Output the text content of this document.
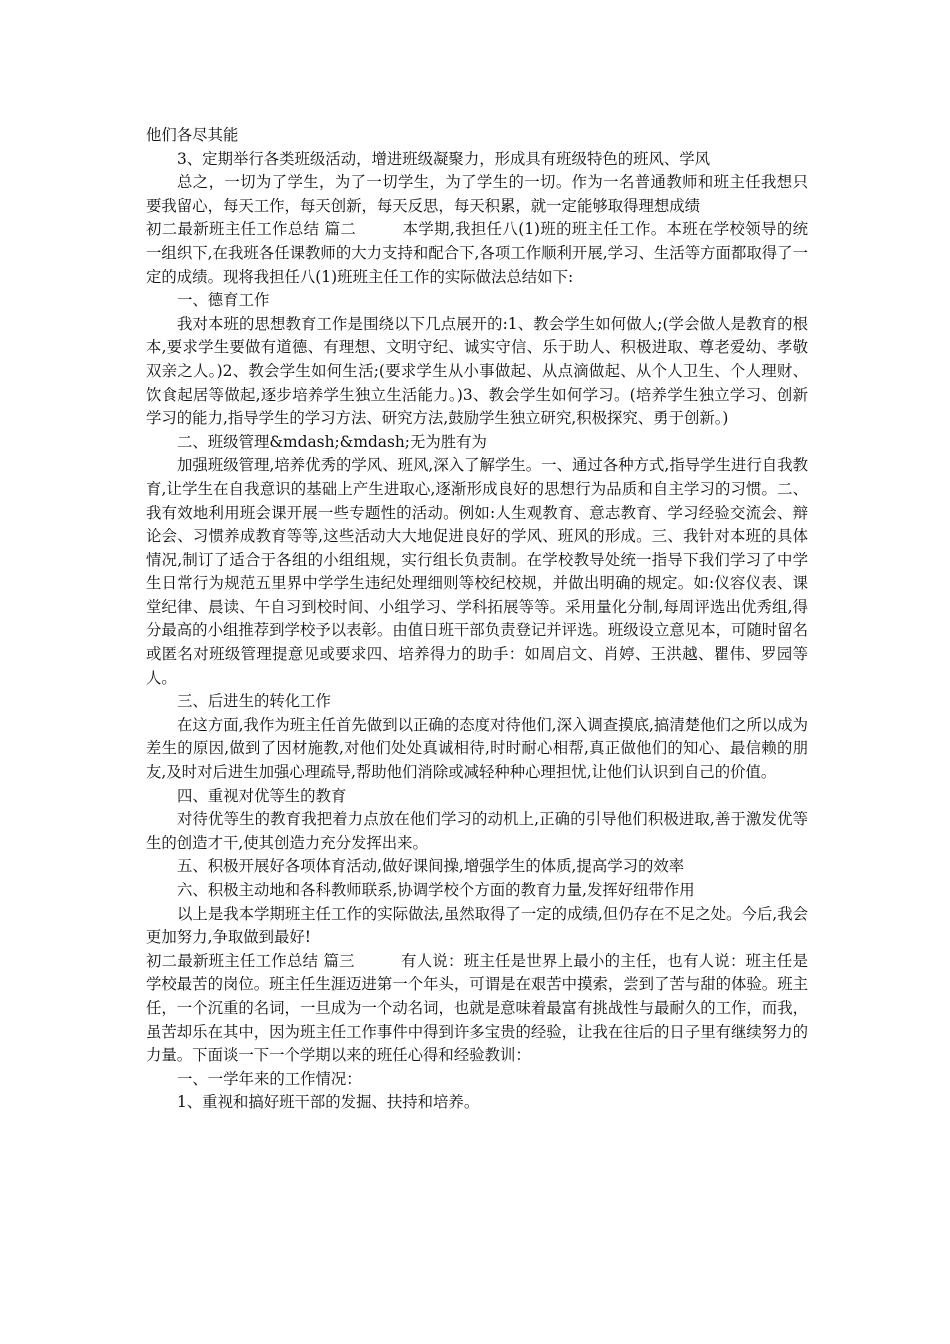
他们各尽其能

3、定期举行各类班级活动，增进班级凝聚力，形成具有班级特色的班风、学风

总之，一切为了学生，为了一切学生，为了学生的一切。作为一名普通教师和班主任我想只要我留心，每天工作，每天创新，每天反思，每天积累，就一定能够取得理想成绩

初二最新班主任工作总结 篇二	本学期,我担任八(1)班的班主任工作。本班在学校领导的统一组织下,在我班各任课教师的大力支持和配合下,各项工作顺利开展,学习、生活等方面都取得了一定的成绩。现将我担任八(1)班班主任工作的实际做法总结如下:

一、德育工作

我对本班的思想教育工作是围绕以下几点展开的:1、教会学生如何做人;(学会做人是教育的根本,要求学生要做有道德、有理想、文明守纪、诚实守信、乐于助人、积极进取、尊老爱幼、孝敬双亲之人。)2、教会学生如何生活;(要求学生从小事做起、从点滴做起、从个人卫生、个人理财、饮食起居等做起,逐步培养学生独立生活能力。)3、教会学生如何学习。(培养学生独立学习、创新学习的能力,指导学生的学习方法、研究方法,鼓励学生独立研究,积极探究、勇于创新。)

二、班级管理&mdash;&mdash;无为胜有为

加强班级管理,培养优秀的学风、班风,深入了解学生。一、通过各种方式,指导学生进行自我教育,让学生在自我意识的基础上产生进取心,逐渐形成良好的思想行为品质和自主学习的习惯。二、我有效地利用班会课开展一些专题性的活动。例如:人生观教育、意志教育、学习经验交流会、辩论会、习惯养成教育等等,这些活动大大地促进良好的学风、班风的形成。三、我针对本班的具体情况,制订了适合于各组的小组组规，实行组长负责制。在学校教导处统一指导下我们学习了中学生日常行为规范五里界中学学生违纪处理细则等校纪校规，并做出明确的规定。如:仪容仪表、课堂纪律、晨读、午自习到校时间、小组学习、学科拓展等等。采用量化分制,每周评选出优秀组,得分最高的小组推荐到学校予以表彰。由值日班干部负责登记并评选。班级设立意见本，可随时留名或匿名对班级管理提意见或要求四、培养得力的助手：如周启文、肖婷、王洪越、瞿伟、罗园等人。

三、后进生的转化工作

在这方面,我作为班主任首先做到以正确的态度对待他们,深入调查摸底,搞清楚他们之所以成为差生的原因,做到了因材施教,对他们处处真诚相待,时时耐心相帮,真正做他们的知心、最信赖的朋友,及时对后进生加强心理疏导,帮助他们消除或减轻种种心理担忧,让他们认识到自己的价值。

四、重视对优等生的教育

对待优等生的教育我把着力点放在他们学习的动机上,正确的引导他们积极进取,善于激发优等生的创造才干,使其创造力充分发挥出来。

五、积极开展好各项体育活动,做好课间操,增强学生的体质,提高学习的效率

六、积极主动地和各科教师联系,协调学校个方面的教育力量,发挥好纽带作用

以上是我本学期班主任工作的实际做法,虽然取得了一定的成绩,但仍存在不足之处。今后,我会更加努力,争取做到最好!

初二最新班主任工作总结 篇三	有人说：班主任是世界上最小的主任，也有人说：班主任是学校最苦的岗位。班主任生涯迈进第一个年头，可谓是在艰苦中摸索，尝到了苦与甜的体验。班主任，一个沉重的名词，一旦成为一个动名词，也就是意味着最富有挑战性与最耐久的工作，而我，虽苦却乐在其中，因为班主任工作事件中得到许多宝贵的经验，让我在往后的日子里有继续努力的力量。下面谈一下一个学期以来的班任心得和经验教训：

一、一学年来的工作情况：

1、重视和搞好班干部的发掘、扶持和培养。
